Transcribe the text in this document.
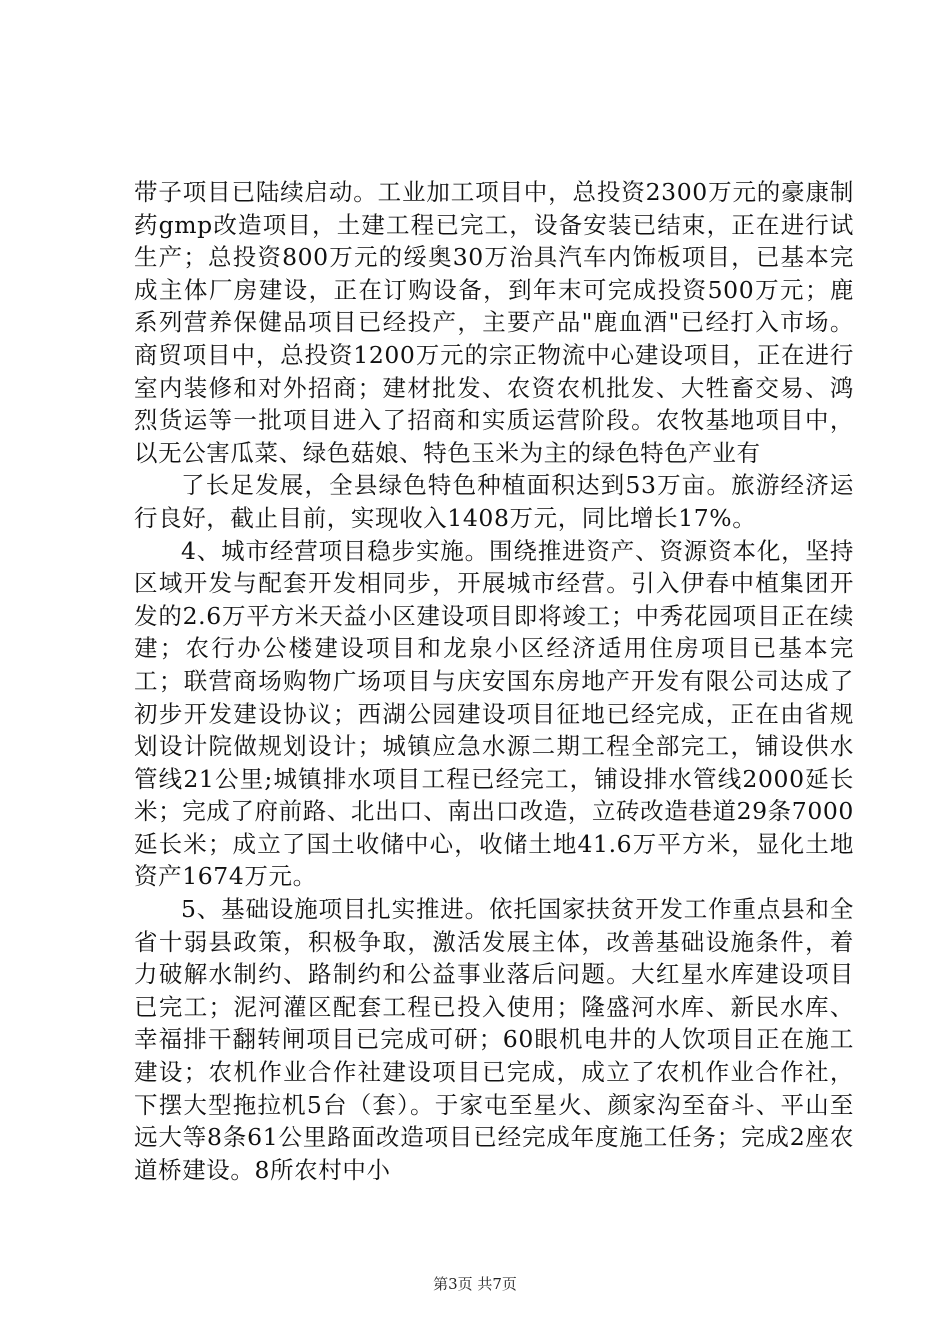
带子项目已陆续启动。工业加工项目中，总投资2300万元的豪康制药gmp改造项目，土建工程已完工，设备安装已结束，正在进行试生产；总投资800万元的绥奥30万治具汽车内饰板项目，已基本完成主体厂房建设，正在订购设备，到年末可完成投资500万元；鹿系列营养保健品项目已经投产，主要产品"鹿血酒"已经打入市场。商贸项目中，总投资1200万元的宗正物流中心建设项目，正在进行室内装修和对外招商；建材批发、农资农机批发、大牲畜交易、鸿烈货运等一批项目进入了招商和实质运营阶段。农牧基地项目中，以无公害瓜菜、绿色菇娘、特色玉米为主的绿色特色产业有

了长足发展，全县绿色特色种植面积达到53万亩。旅游经济运行良好，截止目前，实现收入1408万元，同比增长17%。

4、城市经营项目稳步实施。围绕推进资产、资源资本化，坚持区域开发与配套开发相同步，开展城市经营。引入伊春中植集团开发的2.6万平方米天益小区建设项目即将竣工；中秀花园项目正在续建；农行办公楼建设项目和龙泉小区经济适用住房项目已基本完工；联营商场购物广场项目与庆安国东房地产开发有限公司达成了初步开发建设协议；西湖公园建设项目征地已经完成，正在由省规划设计院做规划设计；城镇应急水源二期工程全部完工，铺设供水管线21公里;城镇排水项目工程已经完工，铺设排水管线2000延长米；完成了府前路、北出口、南出口改造，立砖改造巷道29条7000延长米；成立了国土收储中心，收储土地41.6万平方米，显化土地资产1674万元。

5、基础设施项目扎实推进。依托国家扶贫开发工作重点县和全省十弱县政策，积极争取，激活发展主体，改善基础设施条件，着力破解水制约、路制约和公益事业落后问题。大红星水库建设项目已完工；泥河灌区配套工程已投入使用；隆盛河水库、新民水库、幸福排干翻转闸项目已完成可研；60眼机电井的人饮项目正在施工建设；农机作业合作社建设项目已完成，成立了农机作业合作社，下摆大型拖拉机5台（套）。于家屯至星火、颜家沟至奋斗、平山至远大等8条61公里路面改造项目已经完成年度施工任务；完成2座农道桥建设。8所农村中小

第3页 共7页
